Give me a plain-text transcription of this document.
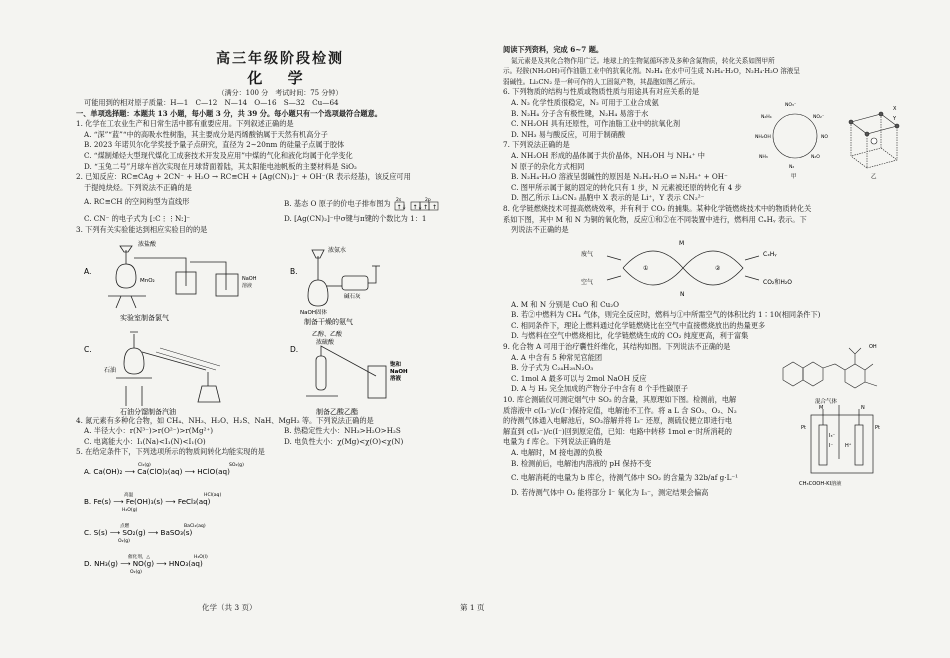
高三年级阶段检测
化 学
（满分：100 分　考试时间：75 分钟）
可能用到的相对原子质量：H—1　C—12　N—14　O—16　S—32　Cu—64
一、单项选择题：本题共 13 小题，每小题 3 分，共 39 分。每小题只有一个选项最符合题意。
1. 化学在工农业生产和日常生活中都有重要应用。下列叙述正确的是
A. “深”“蓝”“中的高吸水性树脂，其主要成分是丙烯酸钠属于天然有机高分子
B. 2023 年诺贝尔化学奖授予量子点研究，直径为 2~20nm 的硅量子点属于胶体
C. “煤制烯烃大型现代煤化工成套技术开发及应用”中煤的气化和液化均属于化学变化
D. “玉兔二号”月球车首次实现在月球背面着陆，其太阳能电池帆板的主要材料是 SiO₂
2. 已知反应：RC≡CAg + 2CN⁻ + H₂O → RC≡CH + [Ag(CN)₂]⁻ + OH⁻(R 表示烃基)，该反应可用
于提纯炔烃。下列说法不正确的是
A. RC≡CH 的空间构型为直线形	B. 基态 O 原子的价电子排布图为 2s	2p
↑↓ ↑↓ ↑ ↑
C. CN⁻ 的电子式为 [:C⋮⋮N:]⁻	D. [Ag(CN)₂]⁻中σ键与π键的个数比为 1：1
3. 下列有关实验能达到相应实验目的的是
A.
浓盐酸
MnO₂	NaOH
溶液
实验室制备氯气
B.
浓氨水
碱石灰
NaOH固体
制备干燥的氨气
C.
石油
石油分馏制备汽油
D.
乙醇、乙酸
浓硫酸
饱和
NaOH
溶液
制备乙酸乙酯
4. 氮元素有多种化合物，如 CH₄、NH₃、H₂O、H₂S、NaH、MgH₂ 等。下列说法正确的是
A. 半径大小：r(N³⁻)>r(O²⁻)>r(Mg²⁺)	B. 热稳定性大小：NH₃>H₂O>H₂S
C. 电离能大小：I₁(Na)<I₁(N)<I₁(O)	D. 电负性大小：χ(Mg)<χ(O)<χ(N)
5. 在给定条件下，下列选项所示的物质间转化均能实现的是
A. Ca(OH)₂ ⟶ Ca(ClO)₂(aq) ⟶ HClO(aq)
Cl₂(g)	SO₂(g)
B. Fe(s) ⟶ Fe(OH)₃(s) ⟶ FeCl₃(aq)
高温
H₂O(g)
HCl(aq)
C. S(s) ⟶ SO₂(g) ⟶ BaSO₃(s)
点燃
O₂(g)
BaCl₂(aq)
D. NH₃(g) ⟶ NO(g) ⟶ HNO₃(aq)
催化剂，△
O₂(g)
H₂O(l)
阅读下列资料，完成 6~7 题。
氮元素是及其化合物作用广泛。地球上的生物氮循环涉及多种含氮物质，转化关系如图甲所
示。羟胺(NH₂OH)可作油脂工业中的抗氧化剂。N₂H₄ 在水中可生成 N₂H₄·H₂O，N₂H₄·H₂O 溶液呈
弱碱性。Li₃CN₂ 是一种可作的人工固氮产物，其晶胞如图乙所示。
6. 下列物质的结构与性质或物质性质与用途具有对应关系的是
A. N₂ 化学性质很稳定，N₂ 可用于工业合成氨
B. N₂H₄ 分子含有极性键，N₂H₄ 易溶于水
C. NH₂OH 具有还原性，可作油脂工业中的抗氧化剂
D. NH₃ 易与酸反应，可用于制硝酸
7. 下列说法正确的是
A. NH₂OH 形成的晶体属于共价晶体，NH₂OH 与 NH₄⁺ 中
N 原子的杂化方式相同
NO₃⁻
NO₂⁻
NO
N₂O
N₂
NH₃
NH₂OH
N₂H₄
甲
X
Y
乙
B. N₂H₄·H₂O 溶液呈弱碱性的原因是 N₂H₄·H₂O ⇌ N₂H₅⁺ + OH⁻
C. 图甲所示属于氮的固定的转化只有 1 步，N 元素被还原的转化有 4 步
D. 图乙所示 Li₂CN₂ 晶胞中 X 表示的是 Li⁺，Y 表示 CN₂²⁻
8. 化学链燃烧技术可提高燃烧效率，并有利于 CO₂ 的捕集。某种化学链燃烧技术中的物质转化关
系如下图，其中 M 和 N 为铜的氧化物，反应①和②在不同装置中进行，燃料用 CₓHᵧ 表示。下
列说法不正确的是
废气
空气
M
N
CₓHᵧ
CO₂和H₂O
①	②
A. M 和 N 分别是 CuO 和 Cu₂O
B. 若②中燃料为 CH₄ 气体，则完全反应时，燃料与①中所需空气的体积比约 1∶10(相同条件下)
C. 相同条件下，理论上燃料通过化学链燃烧比在空气中直接燃烧放出的热量更多
D. 与燃料在空气中燃烧相比，化学链燃烧生成的 CO₂ 纯度更高，利于富集
9. 化合物 A 可用于治疗囊性纤维化，其结构如图。下列说法不正确的是
A. A 中含有 5 种常见官能团
B. 分子式为 C₂₄H₂₈N₂O₃
C. 1mol A 最多可以与 2mol NaOH 反应
D. A 与 H₂ 完全加成的产物分子中含有 8 个手性碳原子
OH
10. 库仑测硫仪可测定烟气中 SO₂ 的含量，其原理如下图。检测前，电解
质溶液中 c(I₃⁻)/c(I⁻)保持定值，电解池不工作。将 a L 含 SO₂、O₂、N₂
的待测气体通入电解池后，SO₂溶解并将 I₃⁻ 还原，测硫仪便立即进行电
解直到 c(I₃⁻)/c(I⁻)回到原定值，已知：电路中转移 1mol e⁻时所消耗的
电量为 f 库仑。下列说法正确的是
A. 电解时，M 接电源的负极
B. 检测前后，电解池内溶液的 pH 保持不变
C. 电解消耗的电量为 b 库仑，待测气体中 SO₂ 的含量为 32b/af g·L⁻¹
D. 若待测气体中 O₂ 能将部分 I⁻ 氧化为 I₃⁻，测定结果会偏高
混合气体
Pt	Pt
M	N
I₃⁻
I⁻ H⁺
CH₃COOH-KI溶液
化学（共 3 页）	第 1 页
